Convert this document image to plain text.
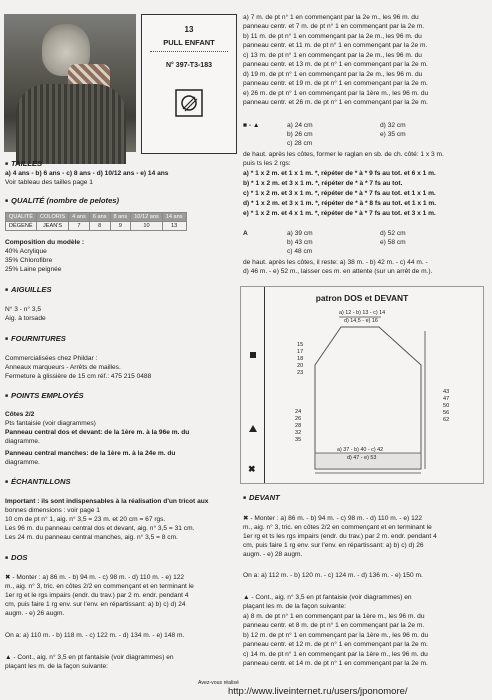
13
PULL ENFANT
N° 397-T3-183
■ TAILLES
a) 4 ans - b) 6 ans - c) 8 ans - d) 10/12 ans - e) 14 ans
Voir tableau des tailles page 1
■ QUALITÉ (nombre de pelotes)
QUALITÉ	COLORIS	4 ans	6 ans	8 ans	10/12 ans	14 ans
DÉGENÉ	JEAN'S	7	8	9	10	13
Composition du modèle :
40% Acrylique
35% Chlorofibre
25% Laine peignée
■ AIGUILLES
N° 3 - n° 3,5
Aig. à torsade
■ FOURNITURES
Commercialisées chez Phildar :
Anneaux marqueurs - Arrêts de mailles.
Fermeture à glissière de 15 cm réf.: 475 215 0488
■ POINTS EMPLOYÉS
Côtes 2/2
Pts fantaisie (voir diagrammes)
Panneau central dos et devant: de la 1ère m. à la 96e m. du
diagramme.
Panneau central manches: de la 1ère m. à la 24e m. du
diagramme.
■ ÉCHANTILLONS
Important : ils sont indispensables à la réalisation d'un tricot aux
bonnes dimensions : voir page 1
10 cm de pt n° 1, aig. n° 3,5 = 23 m. et 20 cm = 67 rgs.
Les 96 m. du panneau central dos et devant, aig. n° 3,5 = 31 cm.
Les 24 m. du panneau central manches, aig. n° 3,5 = 8 cm.
■ DOS
✖ - Monter : a) 86 m. - b) 94 m. - c) 98 m. - d) 110 m. - e) 122
m., aig. n° 3, tric. en côtes 2/2 en commençant et en terminant le
1er rg et le rgs impairs (endr. du trav.) par 2 m. endr. pendant 4
cm, puis faire 1 rg env. sur l'env. en répartissant: a) b) c) d) 24
augm. - e) 26 augm.
On a: a) 110 m. - b) 118 m. - c) 122 m. - d) 134 m. - e) 148 m.
▲ - Cont., aig. n° 3,5 en pt fantaisie (voir diagrammes) en
plaçant les m. de la façon suivante:
a) 7 m. de pt n° 1 en commençant par la 2e m., les 96 m. du
panneau centr. et 7 m. de pt n° 1 en commençant par la 2e m.
b) 11 m. de pt n° 1 en commençant par la 2e m., les 96 m. du
panneau centr. et 11 m. de pt n° 1 en commençant par la 2e m.
c) 13 m. de pt n° 1 en commençant par la 2e m., les 96 m. du
panneau centr. et 13 m. de pt n° 1 en commençant par la 2e m.
d) 19 m. de pt n° 1 en commençant par la 2e m., les 96 m. du
panneau centr. et 19 m. de pt n° 1 en commençant par la 2e m.
e) 26 m. de pt n° 1 en commençant par la 1ère m., les 96 m. du
panneau centr. et 26 m. de pt n° 1 en commençant par la 2e m.
■ - ▲	a) 24 cm
b) 26 cm
c) 28 cm
d) 32 cm
e) 35 cm
de haut. après les côtes, former le raglan en sb. de ch. côté: 1 x 3 m.
puis ts les 2 rgs:
a) * 1 x 2 m. et 1 x 1 m. *, répéter de * à * 9 fs au tot. et 6 x 1 m.
b) * 1 x 2 m. et 3 x 1 m. *, répéter de * à * 7 fs au tot.
c) * 1 x 2 m. et 3 x 1 m. *, répéter de * à * 7 fs au tot. et 1 x 1 m.
d) * 1 x 2 m. et 3 x 1 m. *, répéter de * à * 8 fs au tot. et 1 x 1 m.
e) * 1 x 2 m. et 4 x 1 m. *, répéter de * à * 7 fs au tot. et 3 x 1 m.
A	a) 39 cm
b) 43 cm
c) 48 cm
d) 52 cm
e) 58 cm
de haut. après les côtes, il reste: a) 38 m. - b) 42 m. - c) 44 m. -
d) 46 m. - e) 52 m., laisser ces m. en attente (sur un arrêt de m.).
patron DOS et DEVANT
a) 12 - b) 13 - c) 14
d) 14,5 - e) 16
✖
15
17
18
20
23
24
26
28
32
35
43
47
50
56
62
a) 37 - b) 40 - c) 42
d) 47 - e) 53
■ DEVANT
✖ - Monter : a) 86 m. - b) 94 m. - c) 98 m. - d) 110 m. - e) 122
m., aig. n° 3, tric. en côtes 2/2 en commençant et en terminant le
1er rg et ts les rgs impairs (endr. du trav.) par 2 m. endr. pendant 4
cm, puis faire 1 rg env. sur l'env. en répartissant: a) b) c) d) 26
augm. - e) 28 augm.
On a: a) 112 m. - b) 120 m. - c) 124 m. - d) 136 m. - e) 150 m.
▲ - Cont., aig. n° 3,5 en pt fantaisie (voir diagrammes) en
plaçant les m. de la façon suivante:
a) 8 m. de pt n° 1 en commençant par la 1ère m., les 96 m. du
panneau centr. et 8 m. de pt n° 1 en commençant par la 2e m.
b) 12 m. de pt n° 1 en commençant par la 1ère m., les 96 m. du
panneau centr. et 12 m. de pt n° 1 en commençant par la 2e m.
c) 14 m. de pt n° 1 en commençant par la 1ère m., les 96 m. du
panneau centr. et 14 m. de pt n° 1 en commençant par la 2e m.
Avez-vous réalisé
http://www.liveinternet.ru/users/jponomore/
